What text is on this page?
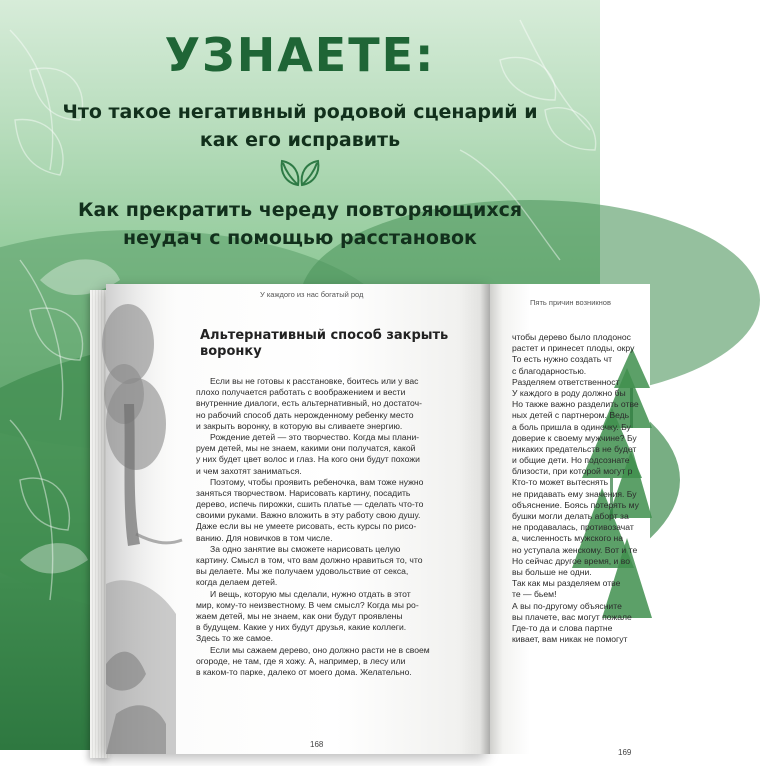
УЗНАЕТЕ:
Что такое негативный родовой сценарий и как его исправить
Как прекратить череду повторяющихся неудач с помощью расстановок
У каждого из нас богатый род
Альтернативный способ закрыть воронку
Если вы не готовы к расстановке, боитесь или у вас
плохо получается работать с воображением и вести
внутренние диалоги, есть альтернативный, но достаточ-
но рабочий способ дать нерожденному ребенку место
и закрыть воронку, в которую вы сливаете энергию.
Рождение детей — это творчество. Когда мы плани-
руем детей, мы не знаем, какими они получатся, какой
у них будет цвет волос и глаз. На кого они будут похожи
и чем захотят заниматься.
Поэтому, чтобы проявить ребеночка, вам тоже нужно
заняться творчеством. Нарисовать картину, посадить
дерево, испечь пирожки, сшить платье — сделать что-то
своими руками. Важно вложить в эту работу свою душу.
Даже если вы не умеете рисовать, есть курсы по рисо-
ванию. Для новичков в том числе.
За одно занятие вы сможете нарисовать целую
картину. Смысл в том, что вам должно нравиться то, что
вы делаете. Мы же получаем удовольствие от секса,
когда делаем детей.
И вещь, которую мы сделали, нужно отдать в этот
мир, кому-то неизвестному. В чем смысл? Когда мы ро-
жаем детей, мы не знаем, как они будут проявлены
в будущем. Какие у них будут друзья, какие коллеги.
Здесь то же самое.
Если мы сажаем дерево, оно должно расти не в своем
огороде, не там, где я хожу. А, например, в лесу или
в каком-то парке, далеко от моего дома. Желательно.
168
Пять причин возникнов
чтобы дерево было плодонос
растет и принесет плоды, окру
То есть нужно создать чт
с благодарностью.
Разделяем ответственност
У каждого в роду должно бы
Но также важно разделить отве
ных детей с партнером. Ведь
а боль пришла в одиночку. Бу
доверие к своему мужчине? Бу
никаких предательств не будет
и общие дети. Но подсознате
близости, при которой могут р
Кто-то может вытеснять
не придавать ему значения. Бу
объяснение. Боясь потерять му
бушки могли делать аборт за
не продавалась, противозачат
а, численность мужского на
но уступала женскому. Вот и те
Но сейчас другое время, и во
вы больше не одни.
Так как мы разделяем отве
те — бьем!
А вы по-другому объясните
вы плачете, вас могут пожале
Где-то да и слова партне
кивает, вам никак не помогут
169
